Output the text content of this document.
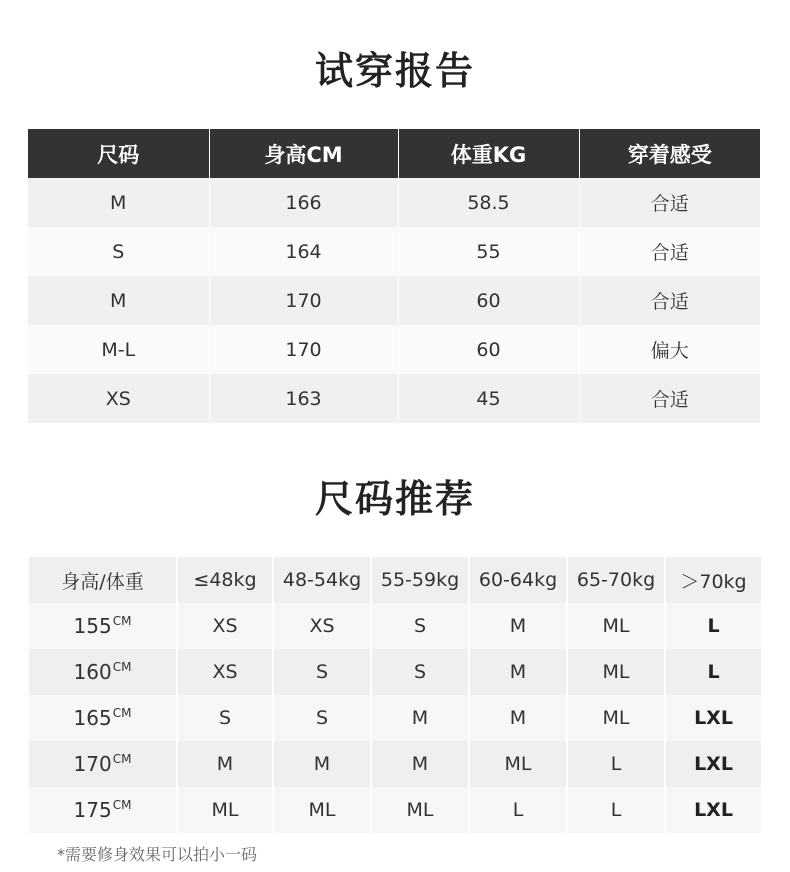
试穿报告
尺码	身高CM	体重KG	穿着感受
M	166	58.5	合适
S	164	55	合适
M	170	60	合适
M-L	170	60	偏大
XS	163	45	合适
尺码推荐
身高/体重	≤48kg	48-54kg	55-59kg	60-64kg	65-70kg	＞70kg
$155^{CM}$	XS	XS	S	M	ML	L
$160^{CM}$	XS	S	S	M	ML	L
$165^{CM}$	S	S	M	M	ML	LXL
$170^{CM}$	M	M	M	ML	L	LXL
$175^{CM}$	ML	ML	ML	L	L	LXL
*需要修身效果可以拍小一码
